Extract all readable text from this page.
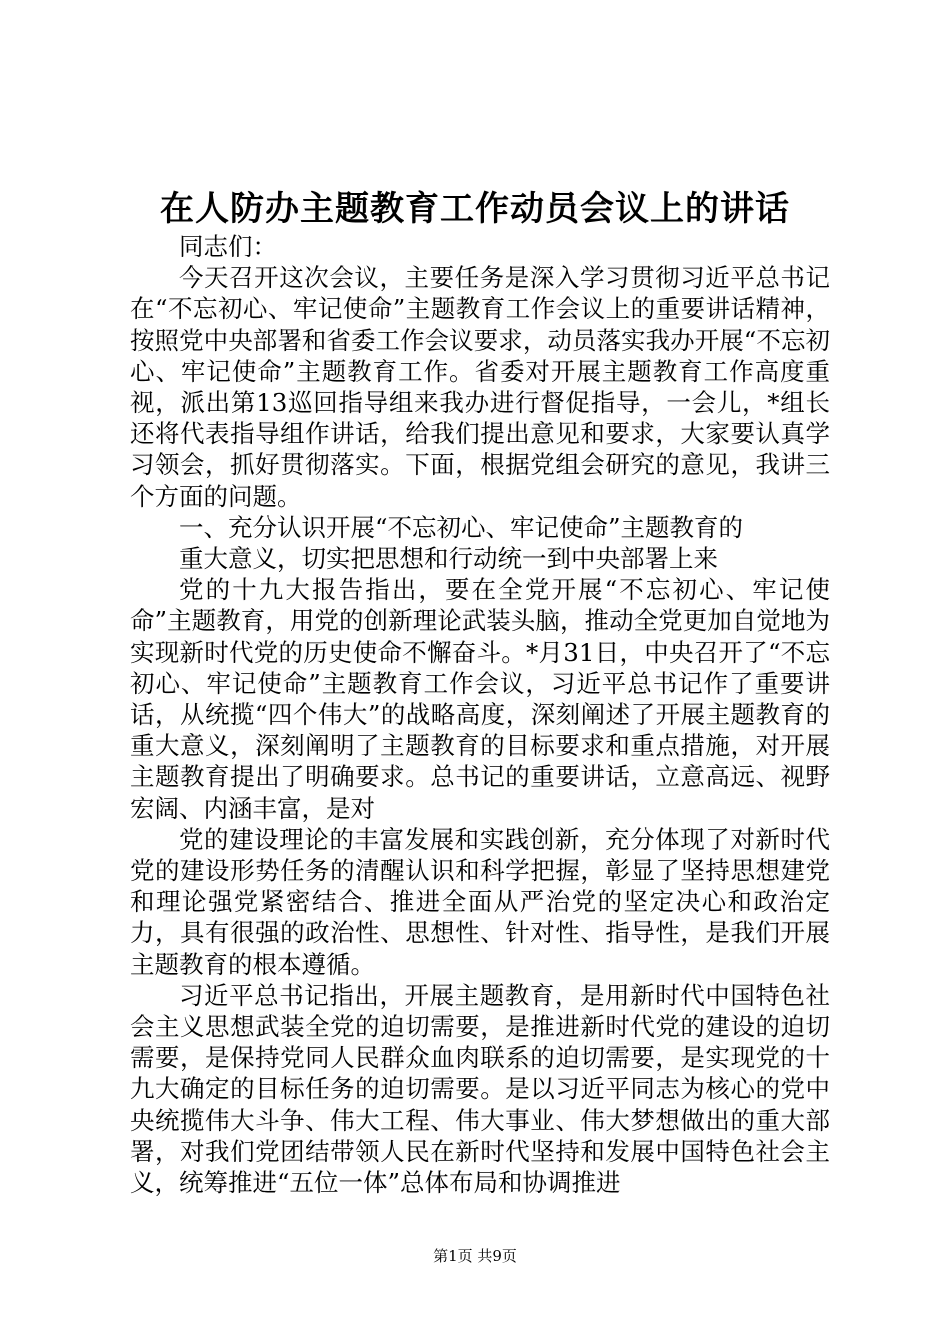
在人防办主题教育工作动员会议上的讲话

同志们：

今天召开这次会议，主要任务是深入学习贯彻习近平总书记在“不忘初心、牢记使命”主题教育工作会议上的重要讲话精神，按照党中央部署和省委工作会议要求，动员落实我办开展“不忘初心、牢记使命”主题教育工作。省委对开展主题教育工作高度重视，派出第13巡回指导组来我办进行督促指导，一会儿，*组长还将代表指导组作讲话，给我们提出意见和要求，大家要认真学习领会，抓好贯彻落实。下面，根据党组会研究的意见，我讲三个方面的问题。

一、充分认识开展“不忘初心、牢记使命”主题教育的

重大意义，切实把思想和行动统一到中央部署上来

党的十九大报告指出，要在全党开展“不忘初心、牢记使命”主题教育，用党的创新理论武装头脑，推动全党更加自觉地为实现新时代党的历史使命不懈奋斗。*月31日，中央召开了“不忘初心、牢记使命”主题教育工作会议，习近平总书记作了重要讲话，从统揽“四个伟大”的战略高度，深刻阐述了开展主题教育的重大意义，深刻阐明了主题教育的目标要求和重点措施，对开展主题教育提出了明确要求。总书记的重要讲话，立意高远、视野宏阔、内涵丰富，是对

党的建设理论的丰富发展和实践创新，充分体现了对新时代党的建设形势任务的清醒认识和科学把握，彰显了坚持思想建党和理论强党紧密结合、推进全面从严治党的坚定决心和政治定力，具有很强的政治性、思想性、针对性、指导性，是我们开展主题教育的根本遵循。

习近平总书记指出，开展主题教育，是用新时代中国特色社会主义思想武装全党的迫切需要，是推进新时代党的建设的迫切需要，是保持党同人民群众血肉联系的迫切需要，是实现党的十九大确定的目标任务的迫切需要。是以习近平同志为核心的党中央统揽伟大斗争、伟大工程、伟大事业、伟大梦想做出的重大部署，对我们党团结带领人民在新时代坚持和发展中国特色社会主义，统筹推进“五位一体”总体布局和协调推进

第1页 共9页
